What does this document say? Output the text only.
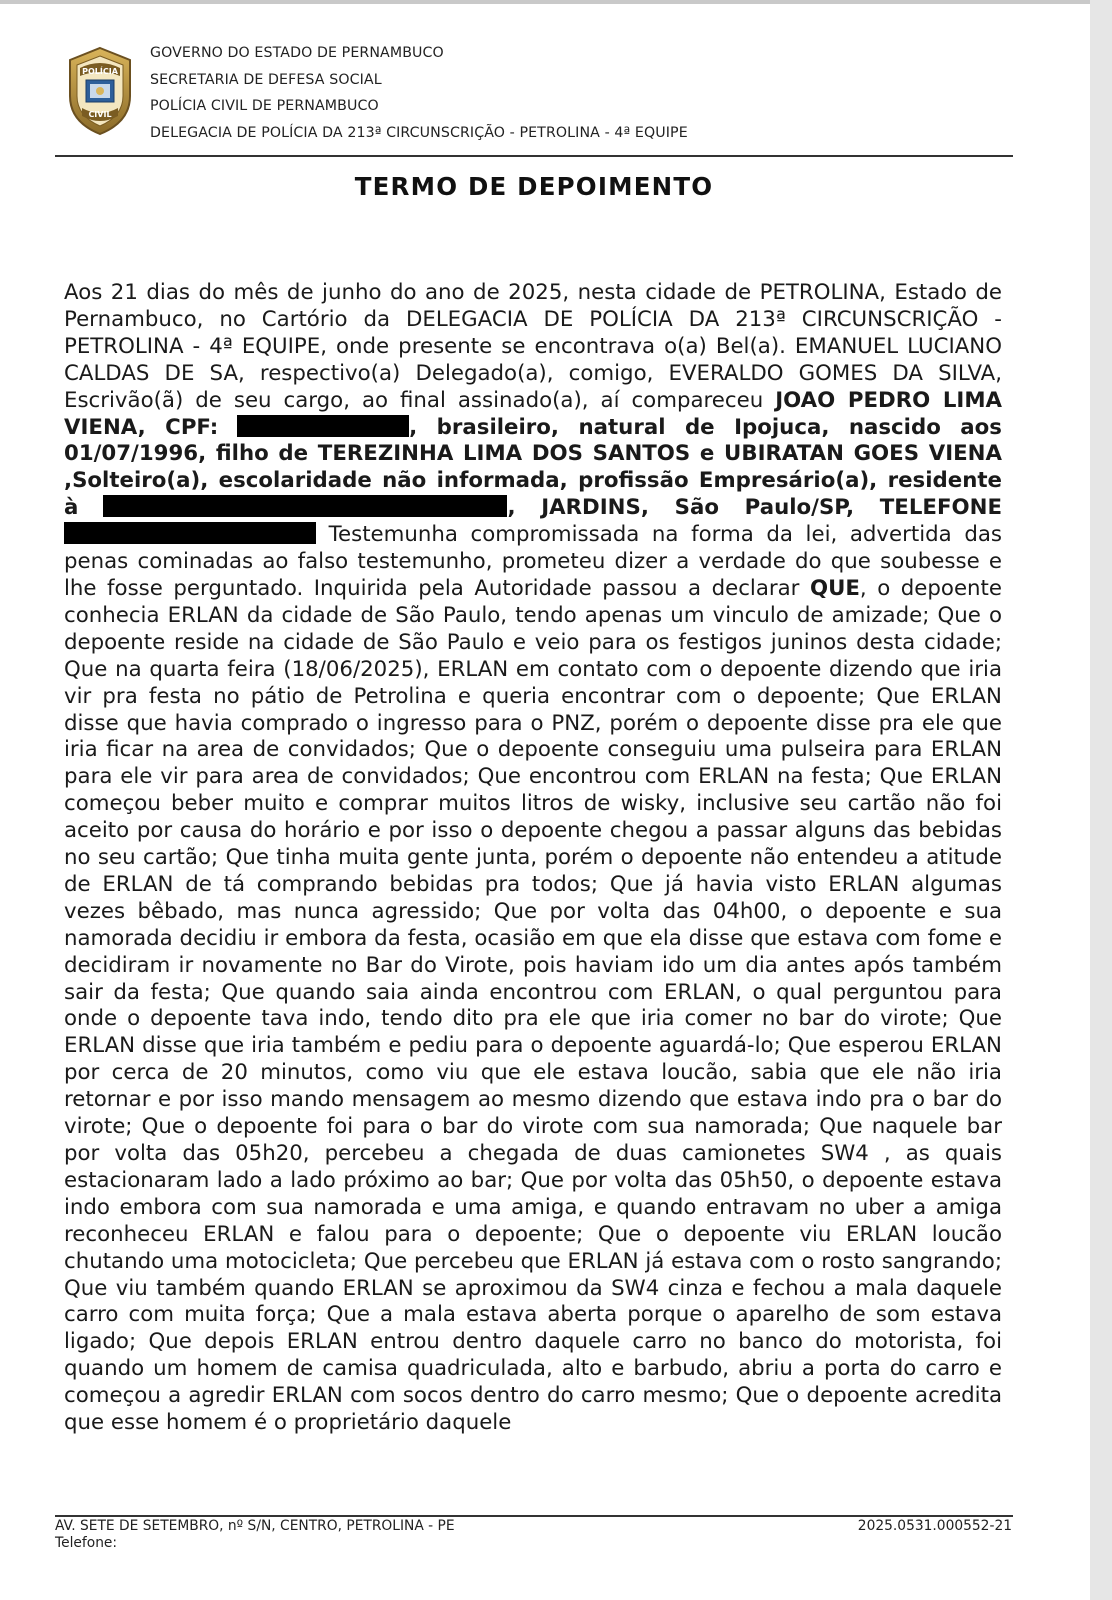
POLÍCIA
CIVIL
GOVERNO DO ESTADO DE PERNAMBUCO
SECRETARIA DE DEFESA SOCIAL
POLÍCIA CIVIL DE PERNAMBUCO
DELEGACIA DE POLÍCIA DA 213ª CIRCUNSCRIÇÃO - PETROLINA - 4ª EQUIPE
TERMO DE DEPOIMENTO
Aos 21 dias do mês de junho do ano de 2025, nesta cidade de PETROLINA, Estado de Pernambuco, no Cartório da DELEGACIA DE POLÍCIA DA 213ª CIRCUNSCRIÇÃO - PETROLINA - 4ª EQUIPE, onde presente se encontrava o(a) Bel(a). EMANUEL LUCIANO CALDAS DE SA, respectivo(a) Delegado(a), comigo, EVERALDO GOMES DA SILVA, Escrivão(ã) de seu cargo, ao final assinado(a), aí compareceu JOAO PEDRO LIMA VIENA, CPF:	, brasileiro, natural de Ipojuca, nascido aos 01/07/1996, filho de TEREZINHA LIMA DOS SANTOS e UBIRATAN GOES VIENA ,Solteiro(a), escolaridade não informada, profissão Empresário(a), residente à	, JARDINS, São Paulo/SP, TELEFONE  Testemunha compromissada na forma da lei, advertida das penas cominadas ao falso testemunho, prometeu dizer a verdade do que soubesse e lhe fosse perguntado. Inquirida pela Autoridade passou a declarar QUE, o depoente conhecia ERLAN da cidade de São Paulo, tendo apenas um vinculo de amizade; Que o depoente reside na cidade de São Paulo e veio para os festigos juninos desta cidade; Que na quarta feira (18/06/2025), ERLAN em contato com o depoente dizendo que iria vir pra festa no pátio de Petrolina e queria encontrar com o depoente; Que ERLAN disse que havia comprado o ingresso para o PNZ, porém o depoente disse pra ele que iria ficar na area de convidados; Que o depoente conseguiu uma pulseira para ERLAN para ele vir para area de convidados; Que encontrou com ERLAN na festa; Que ERLAN começou beber muito e comprar muitos litros de wisky, inclusive seu cartão não foi aceito por causa do horário e por isso o depoente chegou a passar alguns das bebidas no seu cartão; Que tinha muita gente junta, porém o depoente não entendeu a atitude de ERLAN de tá comprando bebidas pra todos; Que já havia visto ERLAN algumas vezes bêbado, mas nunca agressido; Que por volta das 04h00, o depoente e sua namorada decidiu ir embora da festa, ocasião em que ela disse que estava com fome e decidiram ir novamente no Bar do Virote, pois haviam ido um dia antes após também sair da festa; Que quando saia ainda encontrou com ERLAN, o qual perguntou para onde o depoente tava indo, tendo dito pra ele que iria comer no bar do virote; Que ERLAN disse que iria também e pediu para o depoente aguardá-lo; Que esperou ERLAN por cerca de 20 minutos, como viu que ele estava loucão, sabia que ele não iria retornar e por isso mando mensagem ao mesmo dizendo que estava indo pra o bar do virote; Que o depoente foi para o bar do virote com sua namorada; Que naquele bar por volta das 05h20, percebeu a chegada de duas camionetes SW4 , as quais estacionaram lado a lado próximo ao bar; Que por volta das 05h50, o depoente estava indo embora com sua namorada e uma amiga, e quando entravam no uber a amiga reconheceu ERLAN e falou para o depoente; Que o depoente viu ERLAN loucão chutando uma motocicleta; Que percebeu que ERLAN já estava com o rosto sangrando; Que viu também quando ERLAN se aproximou da SW4 cinza e fechou a mala daquele carro com muita força; Que a mala estava aberta porque o aparelho de som estava ligado; Que depois ERLAN entrou dentro daquele carro no banco do motorista, foi quando um homem de camisa quadriculada, alto e barbudo, abriu a porta do carro e começou a agredir ERLAN com socos dentro do carro mesmo; Que o depoente acredita que esse homem é o proprietário daquele
AV. SETE DE SETEMBRO, nº S/N, CENTRO, PETROLINA - PE
Telefone:
2025.0531.000552-21
